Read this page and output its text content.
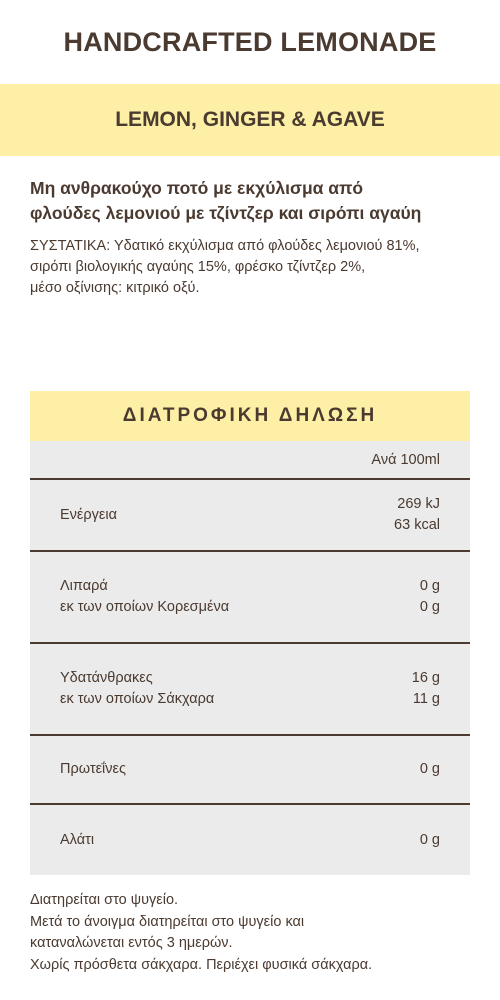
HANDCRAFTED LEMONADE
LEMON, GINGER & AGAVE
Μη ανθρακούχο ποτό με εκχύλισμα από
φλούδες λεμονιού με τζίντζερ και σιρόπι αγαύη
ΣΥΣΤΑΤΙΚΑ: Υδατικό εκχύλισμα από φλούδες λεμονιού 81%,
σιρόπι βιολογικής αγαύης 15%, φρέσκο τζίντζερ 2%,
μέσο οξίνισης: κιτρικό οξύ.
ΔΙΑΤΡΟΦΙΚΗ ΔΗΛΩΣΗ
Ανά 100ml
Ενέργεια
269 kJ
63 kcal
Λιπαρά
εκ των οποίων Κορεσμένα
0 g
0 g
Υδατάνθρακες
εκ των οποίων Σάκχαρα
16 g
11 g
Πρωτεΐνες	0 g
Αλάτι	0 g
Διατηρείται στο ψυγείο.
Μετά το άνοιγμα διατηρείται στο ψυγείο και
καταναλώνεται εντός 3 ημερών.
Χωρίς πρόσθετα σάκχαρα. Περιέχει φυσικά σάκχαρα.
